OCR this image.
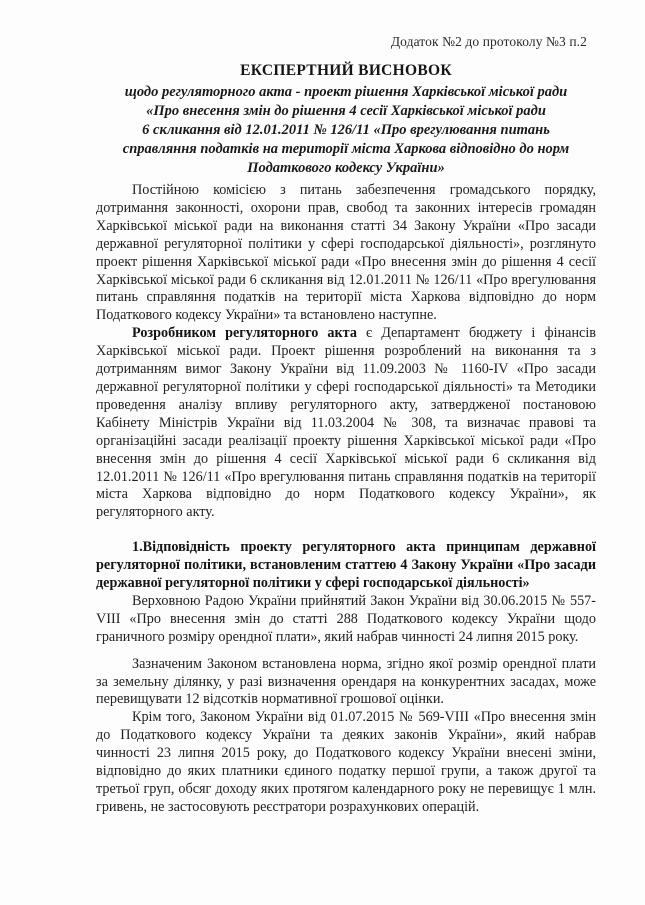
Додаток №2 до протоколу №3 п.2
ЕКСПЕРТНИЙ ВИСНОВОК
щодо регуляторного акта - проект рішення Харківської міської ради
«Про внесення змін до рішення 4 сесії Харківської міської ради
6 скликання від 12.01.2011 № 126/11 «Про врегулювання питань
справляння податків на території міста Харкова відповідно до норм
Податкового кодексу України»

Постійною комісією з питань забезпечення громадського порядку, дотримання законності, охорони прав, свобод та законних інтересів громадян Харківської міської ради на виконання статті 34 Закону України «Про засади державної регуляторної політики у сфері господарської діяльності», розглянуто проект рішення Харківської міської ради «Про внесення змін до рішення 4 сесії Харківської міської ради 6 скликання від 12.01.2011 № 126/11 «Про врегулювання питань справляння податків на території міста Харкова відповідно до норм Податкового кодексу України» та встановлено наступне.

Розробником регуляторного акта є Департамент бюджету і фінансів Харківської міської ради. Проект рішення розроблений на виконання та з дотриманням вимог Закону України від 11.09.2003 № 1160-IV «Про засади державної регуляторної політики у сфері господарської діяльності» та Методики проведення аналізу впливу регуляторного акту, затвердженої постановою Кабінету Міністрів України від 11.03.2004 № 308, та визначає правові та організаційні засади реалізації проекту рішення Харківської міської ради «Про внесення змін до рішення 4 сесії Харківської міської ради 6 скликання від 12.01.2011 № 126/11 «Про врегулювання питань справляння податків на території міста Харкова відповідно до норм Податкового кодексу України», як регуляторного акту.

1.Відповідність проекту регуляторного акта принципам державної регуляторної політики, встановленим статтею 4 Закону України «Про засади державної регуляторної політики у сфері господарської діяльності»

Верховною Радою України прийнятий Закон України від 30.06.2015 № 557-VIII «Про внесення змін до статті 288 Податкового кодексу України щодо граничного розміру орендної плати», який набрав чинності 24 липня 2015 року.

Зазначеним Законом встановлена норма, згідно якої розмір орендної плати за земельну ділянку, у разі визначення орендаря на конкурентних засадах, може перевищувати 12 відсотків нормативної грошової оцінки.

Крім того, Законом України від 01.07.2015 № 569-VIII «Про внесення змін до Податкового кодексу України та деяких законів України», який набрав чинності 23 липня 2015 року, до Податкового кодексу України внесені зміни, відповідно до яких платники єдиного податку першої групи, а також другої та третьої груп, обсяг доходу яких протягом календарного року не перевищує 1 млн. гривень, не застосовують реєстратори розрахункових операцій.
